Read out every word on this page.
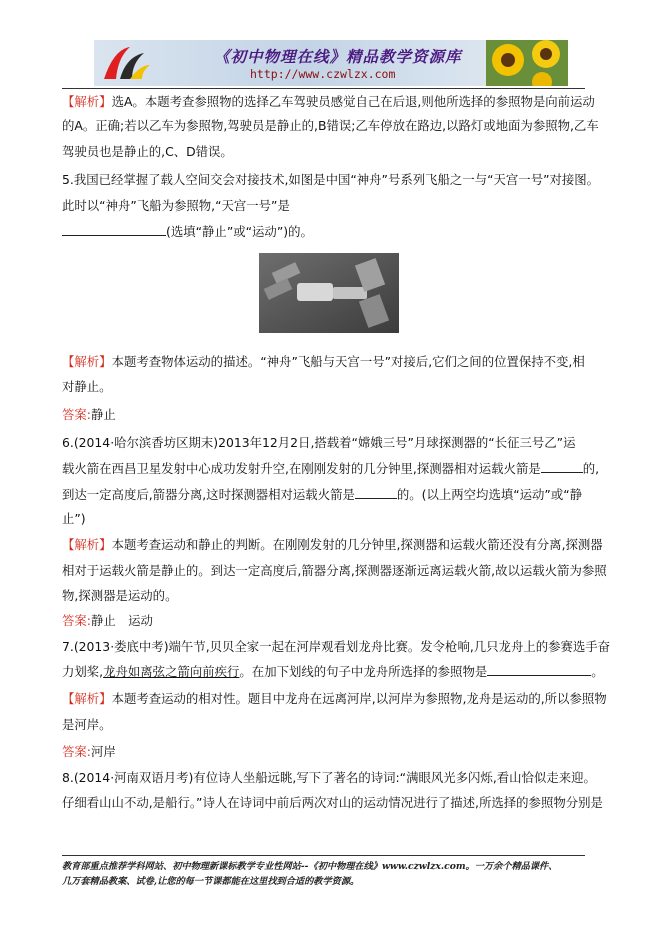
《初中物理在线》精品教学资源库
http://www.czwlzx.com
【解析】选A。本题考查参照物的选择乙车驾驶员感觉自己在后退,则他所选择的参照物是向前运动
的A。正确;若以乙车为参照物,驾驶员是静止的,B错误;乙车停放在路边,以路灯或地面为参照物,乙车
驾驶员也是静止的,C、D错误。
5.我国已经掌握了载人空间交会对接技术,如图是中国“神舟”号系列飞船之一与“天宫一号”对接图。
此时以“神舟”飞船为参照物,“天宫一号”是
(选填“静止”或“运动”)的。
【解析】本题考查物体运动的描述。“神舟”飞船与天宫一号”对接后,它们之间的位置保持不变,相
对静止。
答案:静止
6.(2014·哈尔滨香坊区期末)2013年12月2日,搭载着“嫦娥三号”月球探测器的“长征三号乙”运
载火箭在西昌卫星发射中心成功发射升空,在刚刚发射的几分钟里,探测器相对运载火箭是	的,
到达一定高度后,箭器分离,这时探测器相对运载火箭是	的。(以上两空均选填“运动”或“静
止”)
【解析】本题考查运动和静止的判断。在刚刚发射的几分钟里,探测器和运载火箭还没有分离,探测器
相对于运载火箭是静止的。到达一定高度后,箭器分离,探测器逐渐远离运载火箭,故以运载火箭为参照
物,探测器是运动的。
答案:静止　运动
7.(2013·娄底中考)端午节,贝贝全家一起在河岸观看划龙舟比赛。发令枪响,几只龙舟上的参赛选手奋
力划桨,龙舟如离弦之箭向前疾行。在加下划线的句子中龙舟所选择的参照物是	。
【解析】本题考查运动的相对性。题目中龙舟在远离河岸,以河岸为参照物,龙舟是运动的,所以参照物
是河岸。
答案:河岸
8.(2014·河南双语月考)有位诗人坐船远眺,写下了著名的诗词:“满眼风光多闪烁,看山恰似走来迎。
仔细看山山不动,是船行。”诗人在诗词中前后两次对山的运动情况进行了描述,所选择的参照物分别是
教育部重点推荐学科网站、初中物理新课标教学专业性网站--《初中物理在线》www.czwlzx.com。一万余个精品课件、
几万套精品教案、试卷,让您的每一节课都能在这里找到合适的教学资源。
